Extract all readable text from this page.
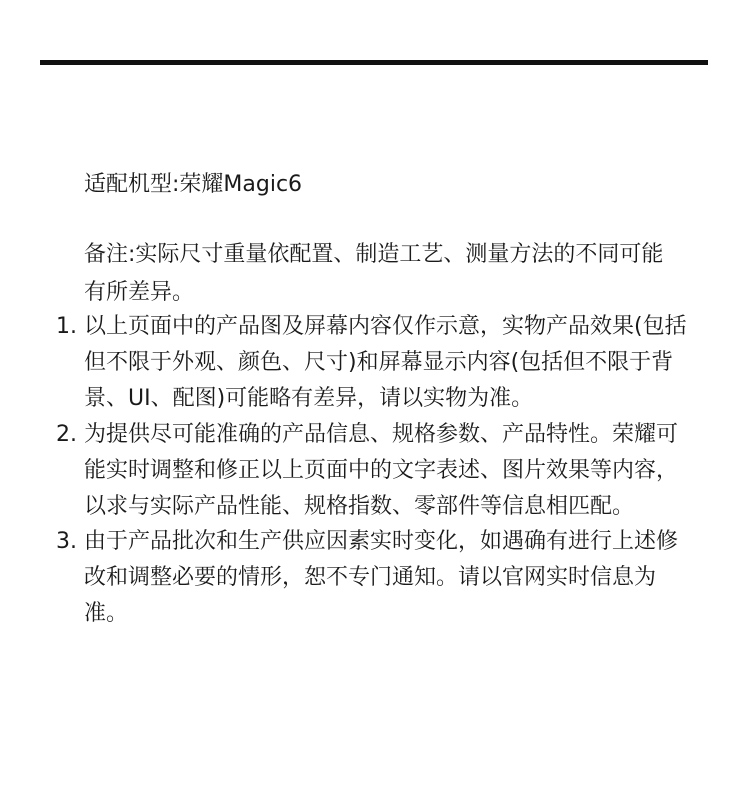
适配机型:荣耀Magic6
备注:实际尺寸重量依配置、制造工艺、测量方法的不同可能有所差异。
1. 以上页面中的产品图及屏幕内容仅作示意，实物产品效果(包括但不限于外观、颜色、尺寸)和屏幕显示内容(包括但不限于背景、UI、配图)可能略有差异，请以实物为准。
2. 为提供尽可能准确的产品信息、规格参数、产品特性。荣耀可能实时调整和修正以上页面中的文字表述、图片效果等内容，以求与实际产品性能、规格指数、零部件等信息相匹配。
3. 由于产品批次和生产供应因素实时变化，如遇确有进行上述修改和调整必要的情形，恕不专门通知。请以官网实时信息为准。
